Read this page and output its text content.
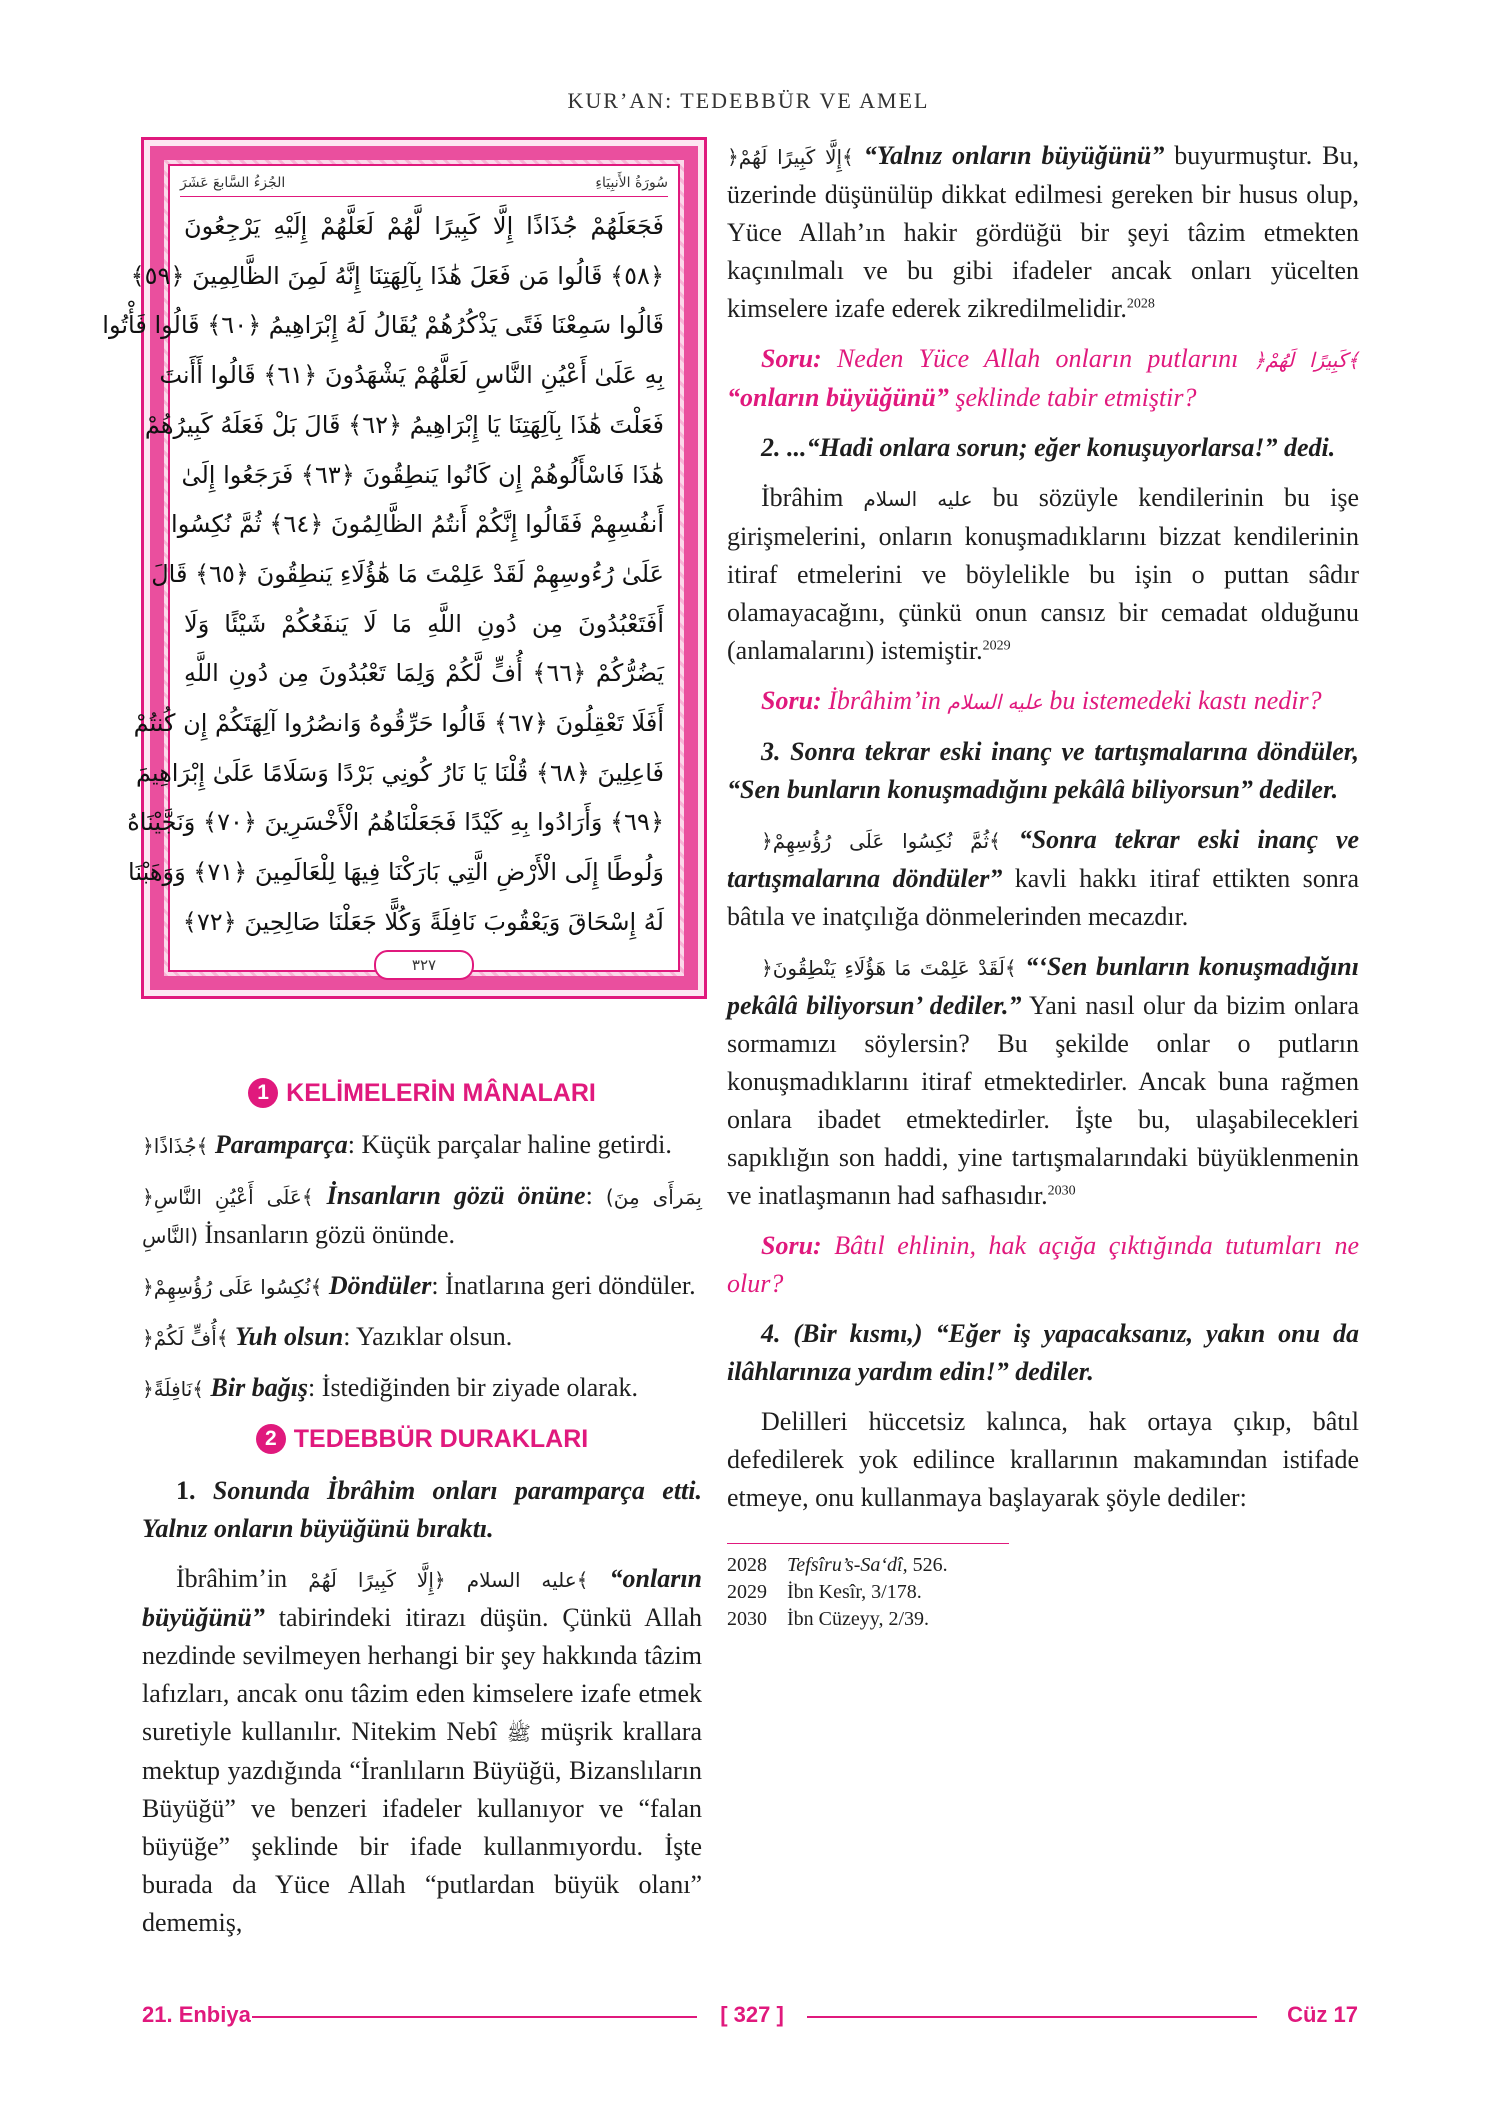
KUR’AN: TEDEBBÜR VE AMEL
الجُزءُ السَّابعَ عَشَرَ	سُورَةُ الأَنبِيَاءِ
فَجَعَلَهُمْ جُذَاذًا إِلَّا كَبِيرًا لَّهُمْ لَعَلَّهُمْ إِلَيْهِ يَرْجِعُونَ
﴿٥٨﴾ قَالُوا مَن فَعَلَ هَٰذَا بِآلِهَتِنَا إِنَّهُ لَمِنَ الظَّالِمِينَ ﴿٥٩﴾
قَالُوا سَمِعْنَا فَتًى يَذْكُرُهُمْ يُقَالُ لَهُ إِبْرَاهِيمُ ﴿٦٠﴾ قَالُوا فَأْتُوا
بِهِ عَلَىٰ أَعْيُنِ النَّاسِ لَعَلَّهُمْ يَشْهَدُونَ ﴿٦١﴾ قَالُوا أَأَنتَ
فَعَلْتَ هَٰذَا بِآلِهَتِنَا يَا إِبْرَاهِيمُ ﴿٦٢﴾ قَالَ بَلْ فَعَلَهُ كَبِيرُهُمْ
هَٰذَا فَاسْأَلُوهُمْ إِن كَانُوا يَنطِقُونَ ﴿٦٣﴾ فَرَجَعُوا إِلَىٰ
أَنفُسِهِمْ فَقَالُوا إِنَّكُمْ أَنتُمُ الظَّالِمُونَ ﴿٦٤﴾ ثُمَّ نُكِسُوا
عَلَىٰ رُءُوسِهِمْ لَقَدْ عَلِمْتَ مَا هَٰؤُلَاءِ يَنطِقُونَ ﴿٦٥﴾ قَالَ
أَفَتَعْبُدُونَ مِن دُونِ اللَّهِ مَا لَا يَنفَعُكُمْ شَيْئًا وَلَا
يَضُرُّكُمْ ﴿٦٦﴾ أُفٍّ لَّكُمْ وَلِمَا تَعْبُدُونَ مِن دُونِ اللَّهِ
أَفَلَا تَعْقِلُونَ ﴿٦٧﴾ قَالُوا حَرِّقُوهُ وَانصُرُوا آلِهَتَكُمْ إِن كُنتُمْ
فَاعِلِينَ ﴿٦٨﴾ قُلْنَا يَا نَارُ كُونِي بَرْدًا وَسَلَامًا عَلَىٰ إِبْرَاهِيمَ
﴿٦٩﴾ وَأَرَادُوا بِهِ كَيْدًا فَجَعَلْنَاهُمُ الْأَخْسَرِينَ ﴿٧٠﴾ وَنَجَّيْنَاهُ
وَلُوطًا إِلَى الْأَرْضِ الَّتِي بَارَكْنَا فِيهَا لِلْعَالَمِينَ ﴿٧١﴾ وَوَهَبْنَا
لَهُ إِسْحَاقَ وَيَعْقُوبَ نَافِلَةً وَكُلًّا جَعَلْنَا صَالِحِينَ ﴿٧٢﴾
٣٢٧
1 KELİMELERİN MÂNALARI

﴿جُذَاذًا﴾ Paramparça: Küçük parçalar haline getirdi.

﴿عَلَى أَعْيُنِ النَّاسِ﴾ İnsanların gözü önüne: (بِمَرأَى مِنَ النَّاسِ) İnsanların gözü önünde.

﴿نُكِسُوا عَلَى رُؤُسِهِمْ﴾ Döndüler: İnatlarına geri döndüler.

﴿أُفٍّ لَكُمْ﴾ Yuh olsun: Yazıklar olsun.

﴿نَافِلَةً﴾ Bir bağış: İstediğinden bir ziyade olarak.

2 TEDEBBÜR DURAKLARI

1. Sonunda İbrâhim onları paramparça etti. Yalnız onların büyüğünü bıraktı.

İbrâhim’in	عليه السلام ﴿إِلَّا كَبِيرًا لَهُمْ﴾ “onların büyüğünü” tabirindeki itirazı düşün. Çünkü Allah nezdinde sevilmeyen herhangi bir şey hakkında tâzim lafızları, ancak onu tâzim eden kimselere izafe etmek suretiyle kullanılır. Nitekim Nebî ﷺ müşrik krallara mektup yazdığında “İranlıların Büyüğü, Bizanslıların Büyüğü” ve benzeri ifadeler kullanıyor ve “falan büyüğe” şeklinde bir ifade kullanmıyordu. İşte burada da Yüce Allah “putlardan büyük olanı” dememiş,

﴿إِلَّا كَبِيرًا لَهُمْ﴾ “Yalnız onların büyüğünü” buyurmuştur. Bu, üzerinde düşünülüp dikkat edilmesi gereken bir husus olup, Yüce Allah’ın hakir gördüğü bir şeyi tâzim etmekten kaçınılmalı ve bu gibi ifadeler ancak onları yücelten kimselere izafe ederek zikredilmelidir.$^{2028}$

Soru: Neden Yüce Allah onların putlarını ﴿كَبِيرًا لَهُمْ﴾ “onların büyüğünü” şeklinde tabir etmiştir?

2. ...“Hadi onlara sorun; eğer konuşuyorlarsa!” dedi.

İbrâhim عليه السلام bu sözüyle kendilerinin bu işe girişmelerini, onların konuşmadıklarını bizzat kendilerinin itiraf etmelerini ve böylelikle bu işin o puttan sâdır olamayacağını, çünkü onun cansız bir cemadat olduğunu (anlamalarını) istemiştir.$^{2029}$

Soru: İbrâhim’in عليه السلام bu istemedeki kastı nedir?

3. Sonra tekrar eski inanç ve tartışmalarına döndüler, “Sen bunların konuşmadığını pekâlâ biliyorsun” dediler.

﴿ثُمَّ نُكِسُوا عَلَى رُؤُسِهِمْ﴾ “Sonra tekrar eski inanç ve tartışmalarına döndüler” kavli hakkı itiraf ettikten sonra bâtıla ve inatçılığa dönmelerinden mecazdır.

﴿لَقَدْ عَلِمْتَ مَا هَؤُلَاءِ يَنْطِقُونَ﴾ “‘Sen bunların konuşmadığını pekâlâ biliyorsun’ dediler.” Yani nasıl olur da bizim onlara sormamızı söylersin? Bu şekilde onlar o putların konuşmadıklarını itiraf etmektedirler. Ancak buna rağmen onlara ibadet etmektedirler. İşte bu, ulaşabilecekleri sapıklığın son haddi, yine tartışmalarındaki büyüklenmenin ve inatlaşmanın had safhasıdır.$^{2030}$

Soru: Bâtıl ehlinin, hak açığa çıktığında tutumları ne olur?

4. (Bir kısmı,) “Eğer iş yapacaksanız, yakın onu da ilâhlarınıza yardım edin!” dediler.

Delilleri hüccetsiz kalınca, hak ortaya çıkıp, bâtıl defedilerek yok edilince krallarının makamından istifade etmeye, onu kullanmaya başlayarak şöyle dediler:

2028 Tefsîru’s-Sa‘dî, 526.
2029 İbn Kesîr, 3/178.
2030 İbn Cüzeyy, 2/39.
21. Enbiya	[ 327 ]	Cüz 17
